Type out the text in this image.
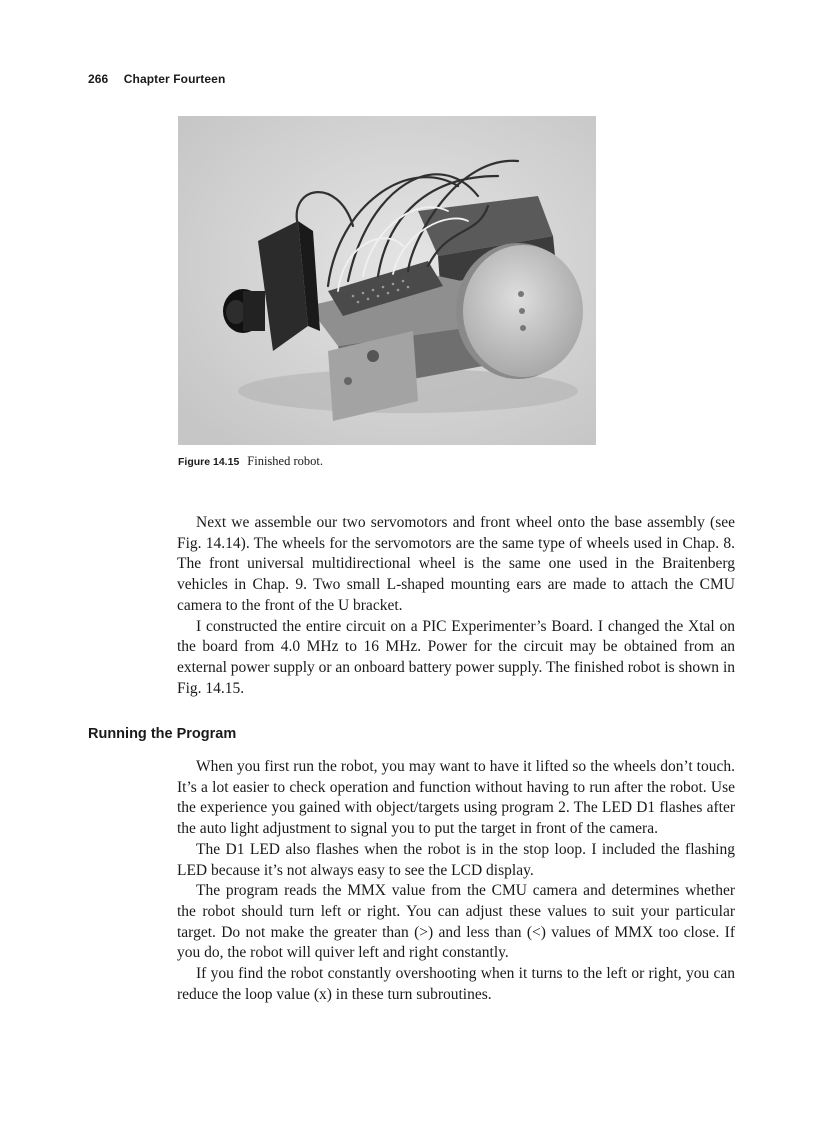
266 Chapter Fourteen
Figure 14.15 Finished robot.

Next we assemble our two servomotors and front wheel onto the base assembly (see Fig. 14.14). The wheels for the servomotors are the same type of wheels used in Chap. 8. The front universal multidirectional wheel is the same one used in the Braitenberg vehicles in Chap. 9. Two small L-shaped mounting ears are made to attach the CMU camera to the front of the U bracket.

I constructed the entire circuit on a PIC Experimenter’s Board. I changed the Xtal on the board from 4.0 MHz to 16 MHz. Power for the circuit may be obtained from an external power supply or an onboard battery power supply. The finished robot is shown in Fig. 14.15.

Running the Program

When you first run the robot, you may want to have it lifted so the wheels don’t touch. It’s a lot easier to check operation and function without having to run after the robot. Use the experience you gained with object/targets using program 2. The LED D1 flashes after the auto light adjustment to signal you to put the target in front of the camera.

The D1 LED also flashes when the robot is in the stop loop. I included the flashing LED because it’s not always easy to see the LCD display.

The program reads the MMX value from the CMU camera and determines whether the robot should turn left or right. You can adjust these values to suit your particular target. Do not make the greater than (>) and less than (<) values of MMX too close. If you do, the robot will quiver left and right constantly.

If you find the robot constantly overshooting when it turns to the left or right, you can reduce the loop value (x) in these turn subroutines.
